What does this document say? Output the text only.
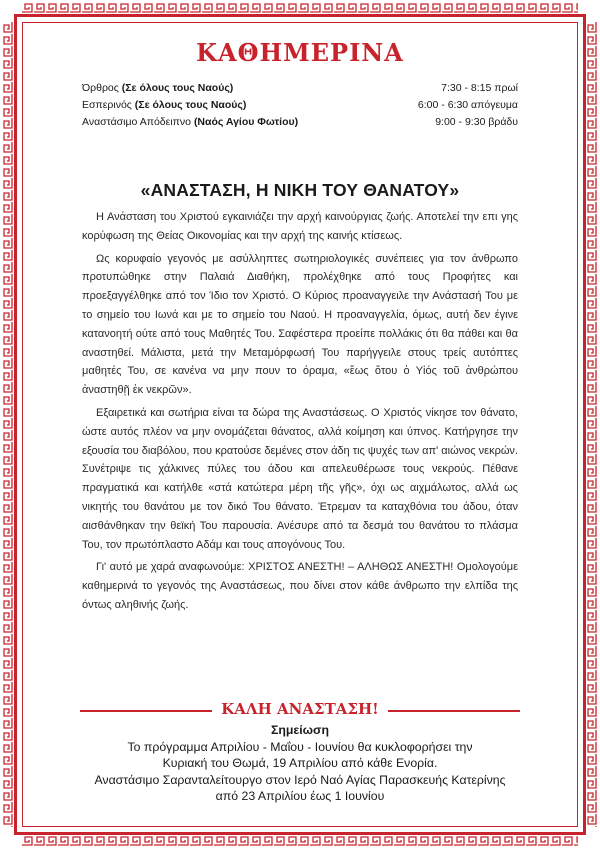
ΚΑΘΗΜΕΡΙΝΑ
Όρθρος (Σε όλους τους Ναούς)	7:30 - 8:15 πρωί
Εσπερινός (Σε όλους τους Ναούς)	6:00 - 6:30 απόγευμα
Αναστάσιμο Απόδειπνο (Ναός Αγίου Φωτίου)	9:00 - 9:30 βράδυ
«ΑΝΑΣΤΑΣΗ, Η ΝΙΚΗ ΤΟΥ ΘΑΝΑΤΟΥ»

Η Ανάσταση του Χριστού εγκαινιάζει την αρχή καινούργιας ζωής. Αποτελεί την επι γης κορύφωση της Θείας Οικονομίας και την αρχή της καινής κτίσεως.

Ως κορυφαίο γεγονός με ασύλληπτες σωτηριολογικές συνέπειες για τον άνθρωπο προτυπώθηκε στην Παλαιά Διαθήκη, προλέχθηκε από τους Προφήτες και προεξαγγέλθηκε από τον Ίδιο τον Χριστό. Ο Κύριος προαναγγειλε την Ανάστασή Του με το σημείο του Ιωνά και με το σημείο του Ναού. Η προαναγγελία, όμως, αυτή δεν έγινε κατανοητή ούτε από τους Μαθητές Του. Σαφέστερα προείπε πολλάκις ότι θα πάθει και θα αναστηθεί. Μάλιστα, μετά την Μεταμόρφωσή Του παρήγγειλε στους τρείς αυτόπτες μαθητές Του, σε κανένα να μην πουν το όραμα, «ἕως ὅτου ὁ Υἱός τοῦ ἀνθρώπου ἀναστηθῇ ἐκ νεκρῶν».

Εξαιρετικά και σωτήρια είναι τα δώρα της Αναστάσεως. Ο Χριστός νίκησε τον θάνατο, ώστε αυτός πλέον να μην ονομάζεται θάνατος, αλλά κοίμηση και ύπνος. Κατήργησε την εξουσία του διαβόλου, που κρατούσε δεμένες στον άδη τις ψυχές των απ' αιώνος νεκρών. Συνέτριψε τις χάλκινες πύλες του άδου και απελευθέρωσε τους νεκρούς. Πέθανε πραγματικά και κατήλθε «στά κατώτερα μέρη τῆς γῆς», όχι ως αιχμάλωτος, αλλά ως νικητής του θανάτου με τον δικό Του θάνατο. Έτρεμαν τα καταχθόνια του άδου, όταν αισθάνθηκαν την θεϊκή Του παρουσία. Ανέσυρε από τα δεσμά του θανάτου το πλάσμα Του, τον πρωτόπλαστο Αδάμ και τους απογόνους Του.

Γι' αυτό με χαρά αναφωνούμε: ΧΡΙΣΤΟΣ ΑΝΕΣΤΗ! – ΑΛΗΘΩΣ ΑΝΕΣΤΗ! Ομολογούμε καθημερινά το γεγονός της Αναστάσεως, που δίνει στον κάθε άνθρωπο την ελπίδα της όντως αληθινής ζωής.

ΚΑΛΗ ΑΝΑΣΤΑΣΗ!
Σημείωση
Το πρόγραμμα Απριλίου - Μαΐου - Ιουνίου θα κυκλοφορήσει την
Κυριακή του Θωμά, 19 Απριλίου από κάθε Ενορία.
Αναστάσιμο Σαρανταλείτουργο στον Ιερό Ναό Αγίας Παρασκευής Κατερίνης
από 23 Απριλίου έως 1 Ιουνίου
